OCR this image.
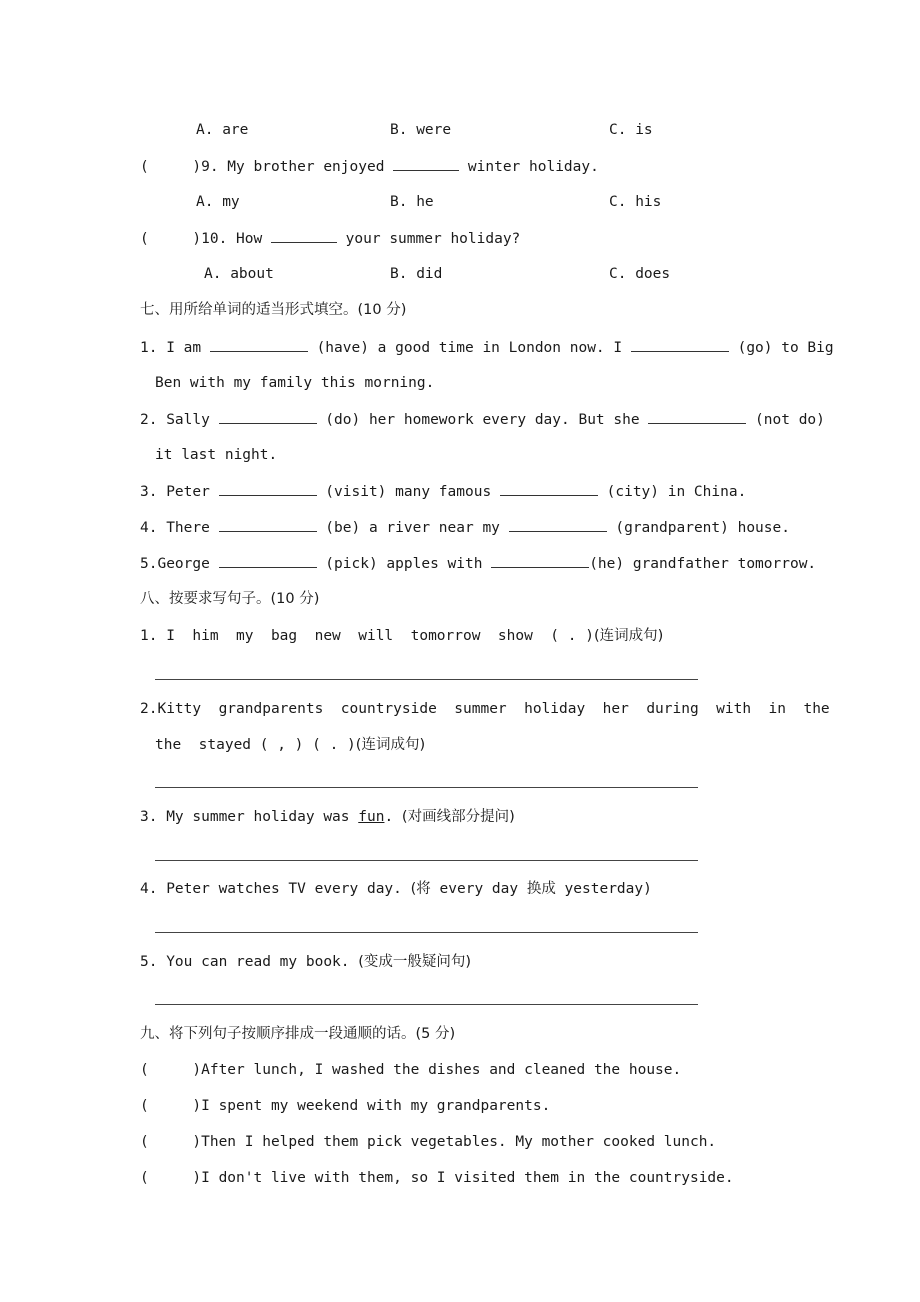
A. are	B. were	C. is
(     )9. My brother enjoyed	winter holiday.
A. my	B. he	C. his
(     )10. How	your summer holiday?
A. about	B. did	C. does
七、用所给单词的适当形式填空。(10 分)
1. I am	(have) a good time in London now. I	(go) to Big
Ben with my family this morning.
2. Sally	(do) her homework every day. But she	(not do)
it last night.
3. Peter	(visit) many famous	(city) in China.
4. There	(be) a river near my	(grandparent) house.
5.George	(pick) apples with	(he) grandfather tomorrow.
八、按要求写句子。(10 分)
1. I  him  my  bag  new  will  tomorrow  show  ( . )(连词成句)
2.Kitty  grandparents  countryside  summer  holiday  her  during  with  in  the
the  stayed ( , ) ( . )(连词成句)
3. My summer holiday was fun. (对画线部分提问)
4. Peter watches TV every day. (将 every day 换成 yesterday)
5. You can read my book. (变成一般疑问句)
九、将下列句子按顺序排成一段通顺的话。(5 分)
(     )After lunch, I washed the dishes and cleaned the house.
(     )I spent my weekend with my grandparents.
(     )Then I helped them pick vegetables. My mother cooked lunch.
(     )I don't live with them, so I visited them in the countryside.
